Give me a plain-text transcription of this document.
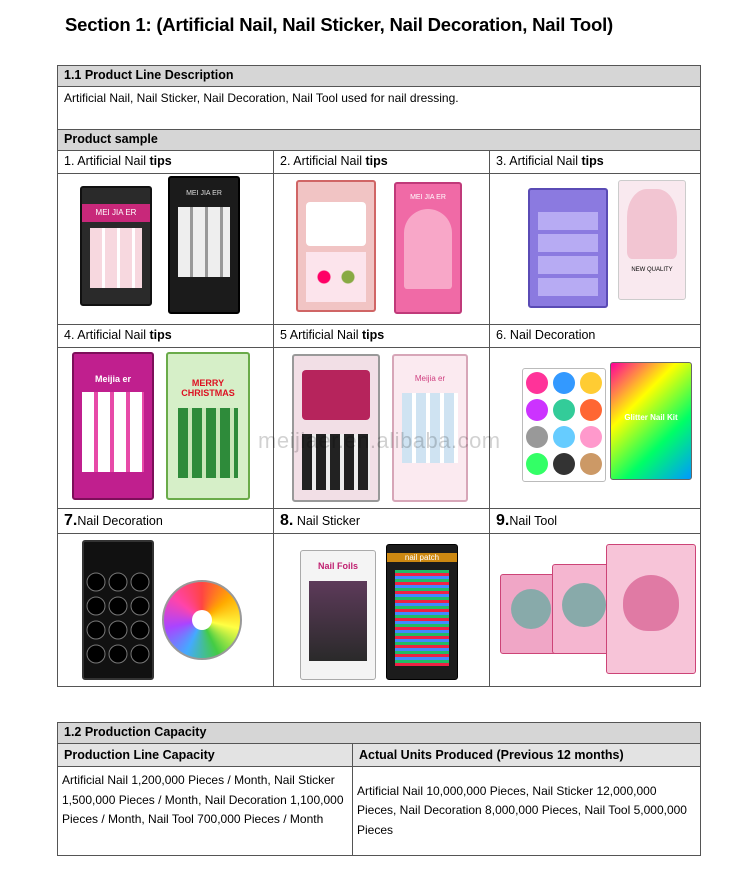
Section 1: (Artificial Nail, Nail Sticker, Nail Decoration, Nail Tool)
1.1 Product Line Description		
Artificial Nail, Nail Sticker, Nail Decoration, Nail Tool used for nail dressing.		
Product sample		
1. Artificial Nail tips	2. Artificial Nail tips	3. Artificial Nail tips

MEI JIA ER
MEI JIA ER	MEI JIA ER	NEW QUALITY

4. Artificial Nail tips	5 Artificial Nail tips	6. Nail Decoration

Meijia er MERRY CHRISTMAS	Meijia er	Glitter Nail Kit

7.Nail Decoration	8. Nail Sticker	9.Nail Tool

Nail Foils
nail patch	

meijiaer.en.alibaba.com
1.2 Production Capacity	
Production Line Capacity	Actual Units Produced (Previous 12 months)
Artificial Nail 1,200,000 Pieces / Month, Nail Sticker 1,500,000 Pieces / Month, Nail Decoration 1,100,000 Pieces / Month, Nail Tool 700,000 Pieces / Month	Artificial Nail 10,000,000 Pieces, Nail Sticker 12,000,000 Pieces, Nail Decoration 8,000,000 Pieces, Nail Tool 5,000,000 Pieces
